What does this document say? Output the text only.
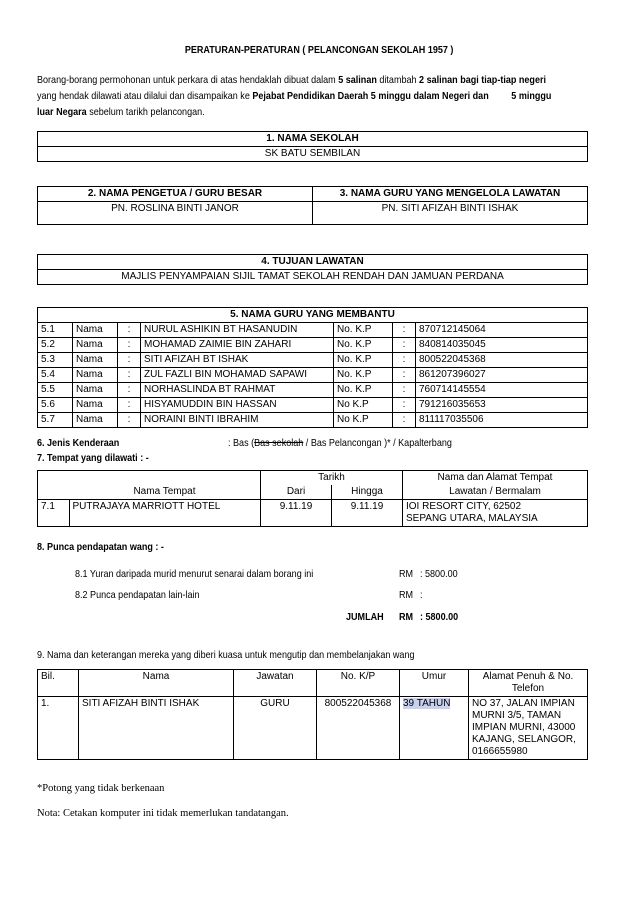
PERATURAN-PERATURAN ( PELANCONGAN SEKOLAH 1957 )
Borang-borang permohonan untuk perkara di atas hendaklah dibuat dalam 5 salinan ditambah 2 salinan bagi tiap-tiap negeri
yang hendak dilawati atau dilalui dan disampaikan ke Pejabat Pendidikan Daerah 5 minggu dalam Negeri dan 5 minggu
luar Negara sebelum tarikh pelancongan.
1. NAMA SEKOLAH
SK BATU SEMBILAN
2. NAMA PENGETUA / GURU BESAR	3. NAMA GURU YANG MENGELOLA LAWATAN
PN. ROSLINA BINTI JANOR	PN. SITI AFIZAH BINTI ISHAK
4. TUJUAN LAWATAN
MAJLIS PENYAMPAIAN SIJIL TAMAT SEKOLAH RENDAH DAN JAMUAN PERDANA
5. NAMA GURU YANG MEMBANTU						
5.1	Nama	:	NURUL ASHIKIN BT HASANUDIN	No. K.P	:	870712145064
5.2	Nama	:	MOHAMAD ZAIMIE BIN ZAHARI	No. K.P	:	840814035045
5.3	Nama	:	SITI AFIZAH BT ISHAK	No. K.P	:	800522045368
5.4	Nama	:	ZUL FAZLI BIN MOHAMAD SAPAWI	No. K.P	:	861207396027
5.5	Nama	:	NORHASLINDA BT RAHMAT	No. K.P	:	760714145554
5.6	Nama	:	HISYAMUDDIN BIN HASSAN	No K.P	:	791216035653
5.7	Nama	:	NORAINI BINTI IBRAHIM	No K.P	:	811117035506
6. Jenis Kenderaan	: Bas (Bas sekolah / Bas Pelancongan )* / Kapalterbang
7. Tempat yang dilawati : -
	Nama Tempat	Tarikh		Nama dan Alamat Tempat
		Dari	Hingga	Lawatan / Bermalam
7.1	PUTRAJAYA MARRIOTT HOTEL	9.11.19	9.11.19	IOI RESORT CITY, 62502
SEPANG UTARA, MALAYSIA
8. Punca pendapatan wang : -
8.1 Yuran daripada murid menurut senarai dalam borang ini	RM : 5800.00
8.2 Punca pendapatan lain-lain	RM :
JUMLAH	RM : 5800.00
9. Nama dan keterangan mereka yang diberi kuasa untuk mengutip dan membelanjakan wang
Bil.	Nama	Jawatan	No. K/P	Umur	Alamat Penuh & No.
Telefon
1.	SITI AFIZAH BINTI ISHAK	GURU	800522045368	39 TAHUN	NO 37, JALAN IMPIAN
MURNI 3/5, TAMAN
IMPIAN MURNI, 43000
KAJANG, SELANGOR,
0166655980
*Potong yang tidak berkenaan
Nota: Cetakan komputer ini tidak memerlukan tandatangan.
